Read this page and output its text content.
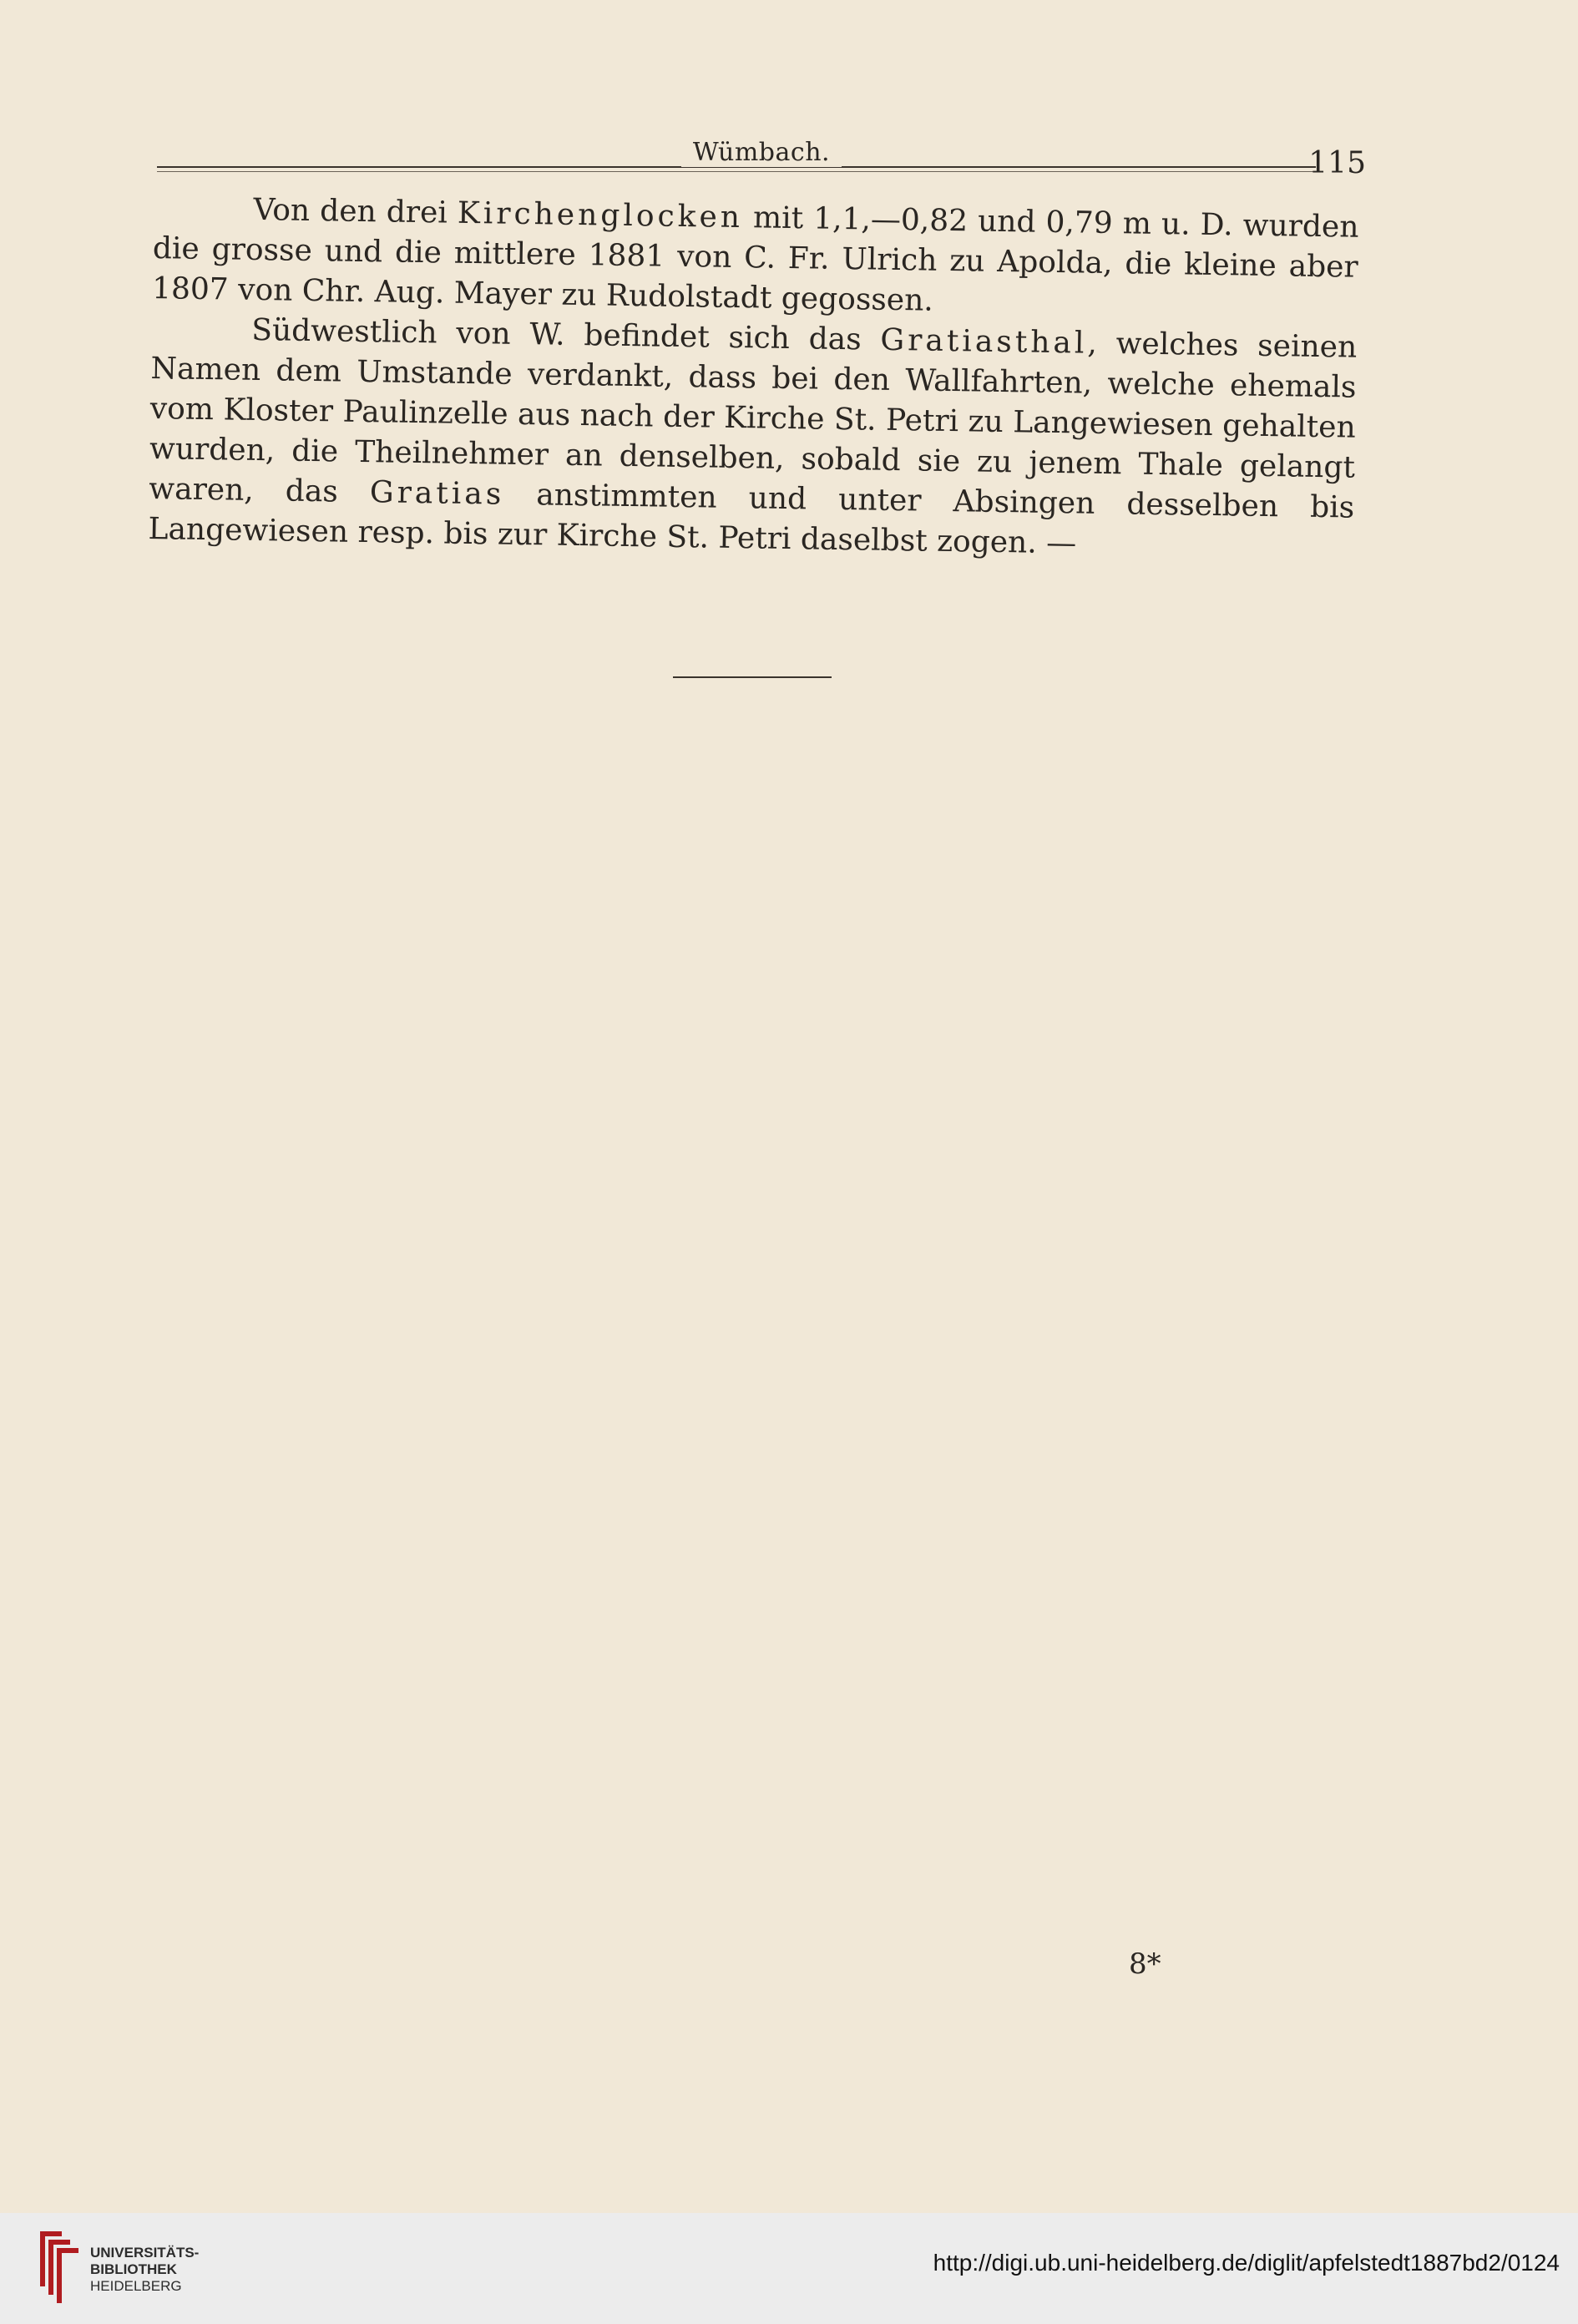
Wümbach.	115

Von den drei Kirchenglocken mit 1,1,—0,82 und 0,79 m u. D. wurden die grosse und die mittlere 1881 von C. Fr. Ulrich zu Apolda, die kleine aber 1807 von Chr. Aug. Mayer zu Rudolstadt gegossen.

Südwestlich von W. befindet sich das Gratiasthal, welches seinen Namen dem Umstande verdankt, dass bei den Wallfahrten, welche ehemals vom Kloster Paulinzelle aus nach der Kirche St. Petri zu Langewiesen gehalten wurden, die Theilnehmer an denselben, sobald sie zu jenem Thale gelangt waren, das Gratias anstimmten und unter Absingen desselben bis Langewiesen resp. bis zur Kirche St. Petri daselbst zogen. —

8*
UNIVERSITÄTS-
BIBLIOTHEK
HEIDELBERG
http://digi.ub.uni-heidelberg.de/diglit/apfelstedt1887bd2/0124
